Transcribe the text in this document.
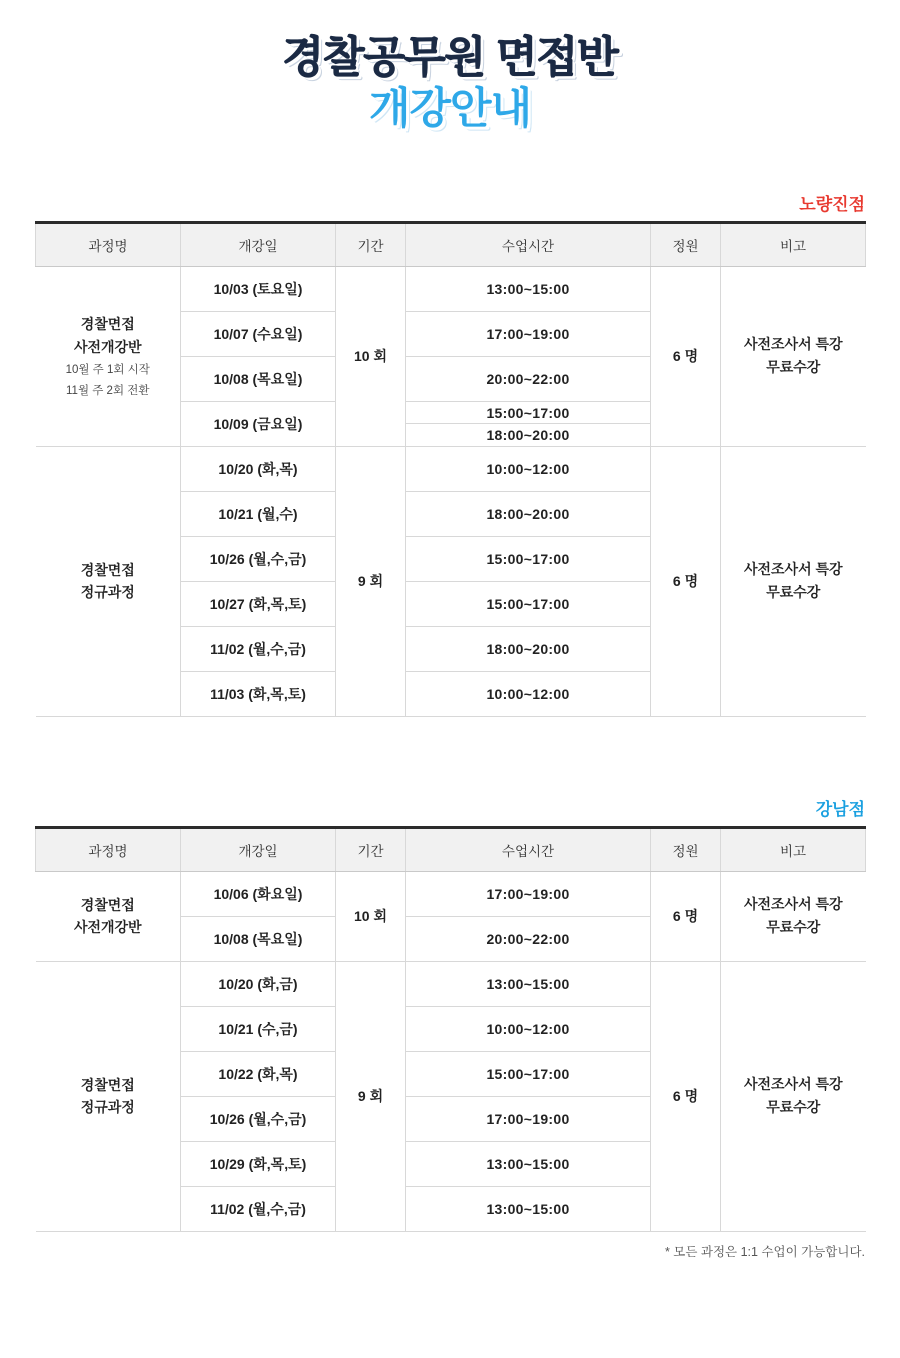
경찰공무원 면접반
개강안내
노량진점
과정명	개강일	기간	수업시간	정원	비고
경찰면접
사전개강반
10월 주 1회 시작
11월 주 2회 전환	10/03 (토요일)	10 회	13:00~15:00	6 명	사전조사서 특강
무료수강
	10/07 (수요일)		17:00~19:00		
	10/08 (목요일)		20:00~22:00		
	10/09 (금요일)		15:00~17:00		
			18:00~20:00		
경찰면접
정규과정	10/20 (화,목)	9 회	10:00~12:00	6 명	사전조사서 특강
무료수강
	10/21 (월,수)		18:00~20:00		
	10/26 (월,수,금)		15:00~17:00		
	10/27 (화,목,토)		15:00~17:00		
	11/02 (월,수,금)		18:00~20:00		
	11/03 (화,목,토)		10:00~12:00		
강남점
과정명	개강일	기간	수업시간	정원	비고
경찰면접
사전개강반	10/06 (화요일)	10 회	17:00~19:00	6 명	사전조사서 특강
무료수강
	10/08 (목요일)		20:00~22:00		
경찰면접
정규과정	10/20 (화,금)	9 회	13:00~15:00	6 명	사전조사서 특강
무료수강
	10/21 (수,금)		10:00~12:00		
	10/22 (화,목)		15:00~17:00		
	10/26 (월,수,금)		17:00~19:00		
	10/29 (화,목,토)		13:00~15:00		
	11/02 (월,수,금)		13:00~15:00		
* 모든 과정은 1:1 수업이 가능합니다.
